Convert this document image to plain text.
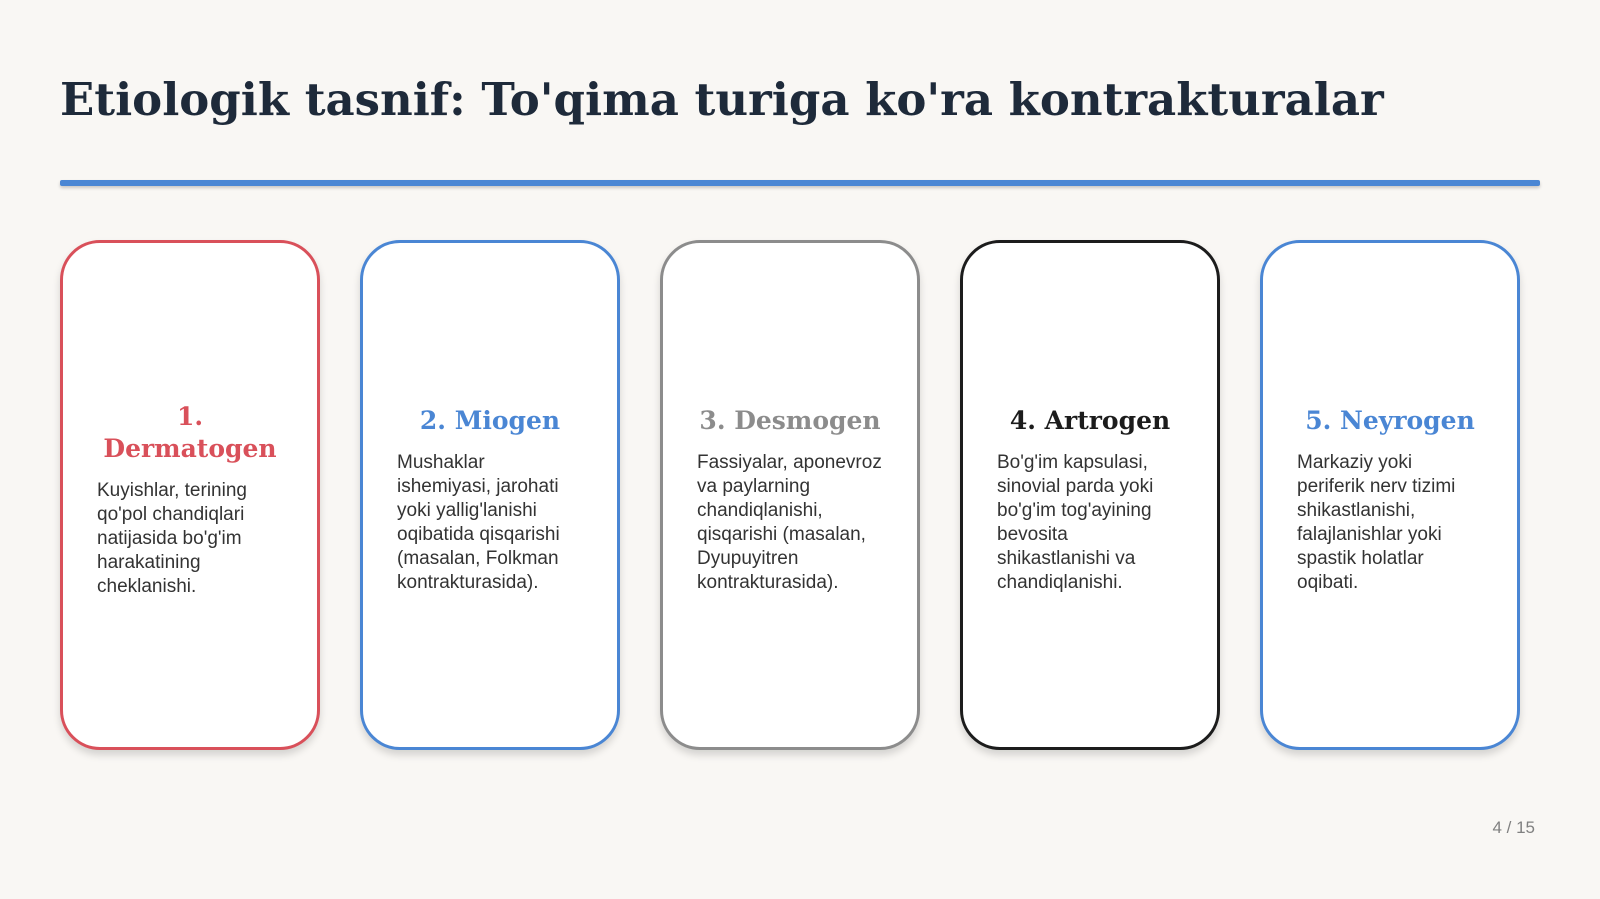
Etiologik tasnif: To'qima turiga ko'ra kontrakturalar
1. Dermatogen

Kuyishlar, terining qo'pol chandiqlari natijasida bo'g'im harakatining cheklanishi.

2. Miogen

Mushaklar ishemiyasi, jarohati yoki yallig'lanishi oqibatida qisqarishi (masalan, Folkman kontrakturasida).

3. Desmogen

Fassiyalar, aponevroz va paylarning chandiqlanishi, qisqarishi (masalan, Dyupuyitren kontrakturasida).

4. Artrogen

Bo'g'im kapsulasi, sinovial parda yoki bo'g'im tog'ayining bevosita shikastlanishi va chandiqlanishi.

5. Neyrogen

Markaziy yoki periferik nerv tizimi shikastlanishi, falajlanishlar yoki spastik holatlar oqibati.

4 / 15
